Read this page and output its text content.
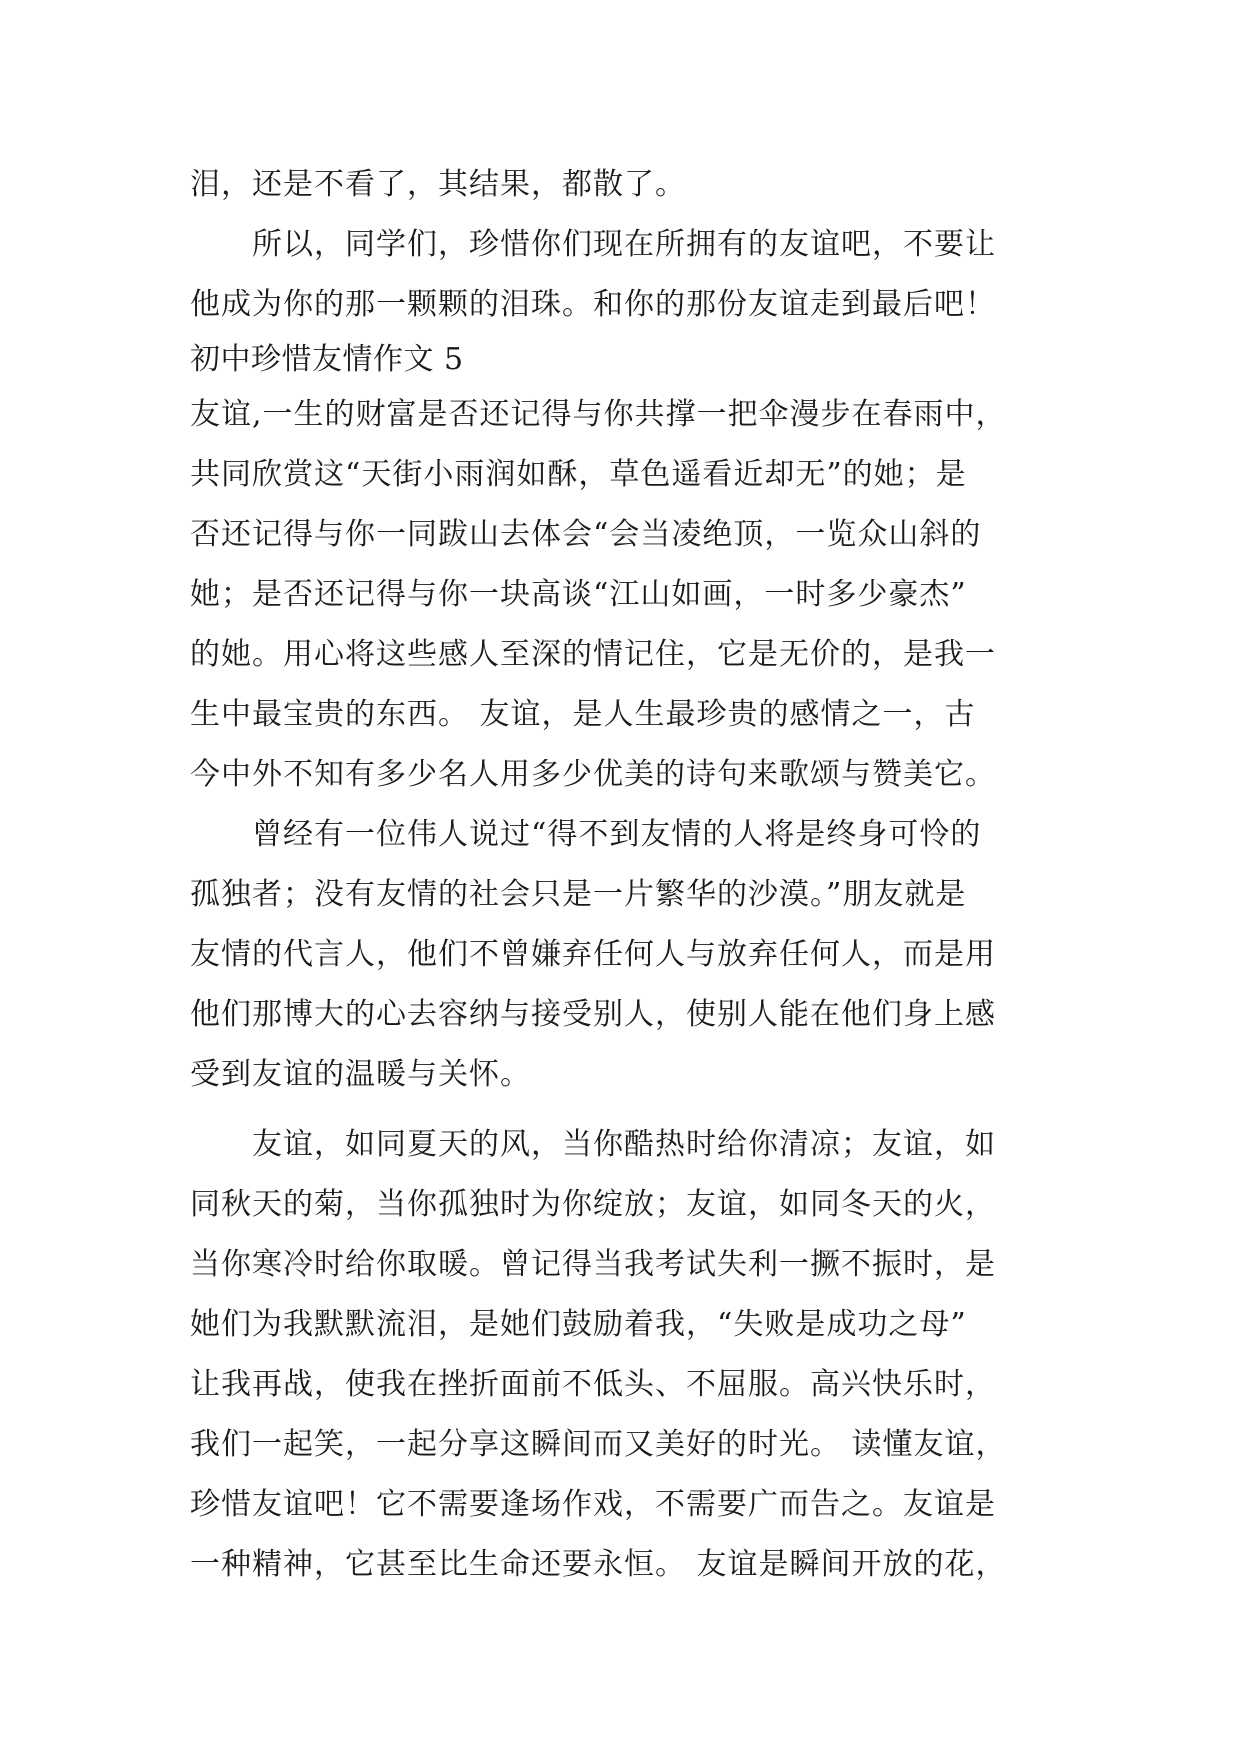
泪，还是不看了，其结果，都散了。
所以，同学们，珍惜你们现在所拥有的友谊吧，不要让
他成为你的那一颗颗的泪珠。和你的那份友谊走到最后吧！
初中珍惜友情作文 5
友谊,一生的财富是否还记得与你共撑一把伞漫步在春雨中，
共同欣赏这“天街小雨润如酥，草色遥看近却无”的她；是
否还记得与你一同跋山去体会“会当凌绝顶，一览众山斜的
她；是否还记得与你一块高谈“江山如画，一时多少豪杰”
的她。用心将这些感人至深的情记住，它是无价的，是我一
生中最宝贵的东西。 友谊，是人生最珍贵的感情之一，古
今中外不知有多少名人用多少优美的诗句来歌颂与赞美它。
曾经有一位伟人说过“得不到友情的人将是终身可怜的
孤独者；没有友情的社会只是一片繁华的沙漠。”朋友就是
友情的代言人，他们不曾嫌弃任何人与放弃任何人，而是用
他们那博大的心去容纳与接受别人，使别人能在他们身上感
受到友谊的温暖与关怀。
友谊，如同夏天的风，当你酷热时给你清凉；友谊，如
同秋天的菊，当你孤独时为你绽放；友谊，如同冬天的火，
当你寒冷时给你取暖。曾记得当我考试失利一撅不振时，是
她们为我默默流泪，是她们鼓励着我，“失败是成功之母”
让我再战，使我在挫折面前不低头、不屈服。高兴快乐时，
我们一起笑，一起分享这瞬间而又美好的时光。 读懂友谊，
珍惜友谊吧！它不需要逢场作戏，不需要广而告之。友谊是
一种精神，它甚至比生命还要永恒。 友谊是瞬间开放的花，
